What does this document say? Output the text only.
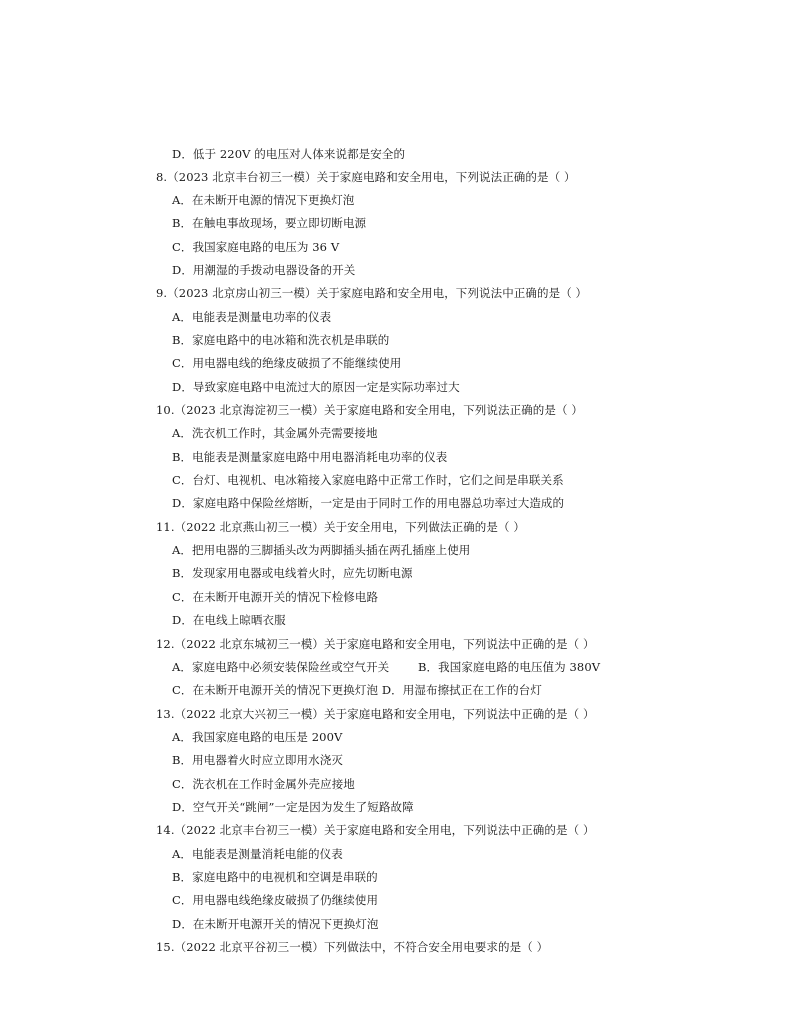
D．低于 220V 的电压对人体来说都是安全的
8.（2023 北京丰台初三一模）关于家庭电路和安全用电，下列说法正确的是（ ）
A．在未断开电源的情况下更换灯泡
B．在触电事故现场，要立即切断电源
C．我国家庭电路的电压为 36 V
D．用潮湿的手拨动电器设备的开关
9.（2023 北京房山初三一模）关于家庭电路和安全用电，下列说法中正确的是（ ）
A．电能表是测量电功率的仪表
B．家庭电路中的电冰箱和洗衣机是串联的
C．用电器电线的绝缘皮破损了不能继续使用
D．导致家庭电路中电流过大的原因一定是实际功率过大
10.（2023 北京海淀初三一模）关于家庭电路和安全用电，下列说法正确的是（ ）
A．洗衣机工作时，其金属外壳需要接地
B．电能表是测量家庭电路中用电器消耗电功率的仪表
C．台灯、电视机、电冰箱接入家庭电路中正常工作时，它们之间是串联关系
D．家庭电路中保险丝熔断，一定是由于同时工作的用电器总功率过大造成的
11.（2022 北京燕山初三一模）关于安全用电，下列做法正确的是（ ）
A．把用电器的三脚插头改为两脚插头插在两孔插座上使用
B．发现家用电器或电线着火时，应先切断电源
C．在未断开电源开关的情况下检修电路
D．在电线上晾晒衣服
12.（2022 北京东城初三一模）关于家庭电路和安全用电，下列说法中正确的是（ ）
A．家庭电路中必须安装保险丝或空气开关	B．我国家庭电路的电压值为 380V
C．在未断开电源开关的情况下更换灯泡 D．用湿布擦拭正在工作的台灯
13.（2022 北京大兴初三一模）关于家庭电路和安全用电，下列说法中正确的是（ ）
A．我国家庭电路的电压是 200V
B．用电器着火时应立即用水浇灭
C．洗衣机在工作时金属外壳应接地
D．空气开关“跳闸”一定是因为发生了短路故障
14.（2022 北京丰台初三一模）关于家庭电路和安全用电，下列说法中正确的是（ ）
A．电能表是测量消耗电能的仪表
B．家庭电路中的电视机和空调是串联的
C．用电器电线绝缘皮破损了仍继续使用
D．在未断开电源开关的情况下更换灯泡
15.（2022 北京平谷初三一模）下列做法中，不符合安全用电要求的是（ ）
